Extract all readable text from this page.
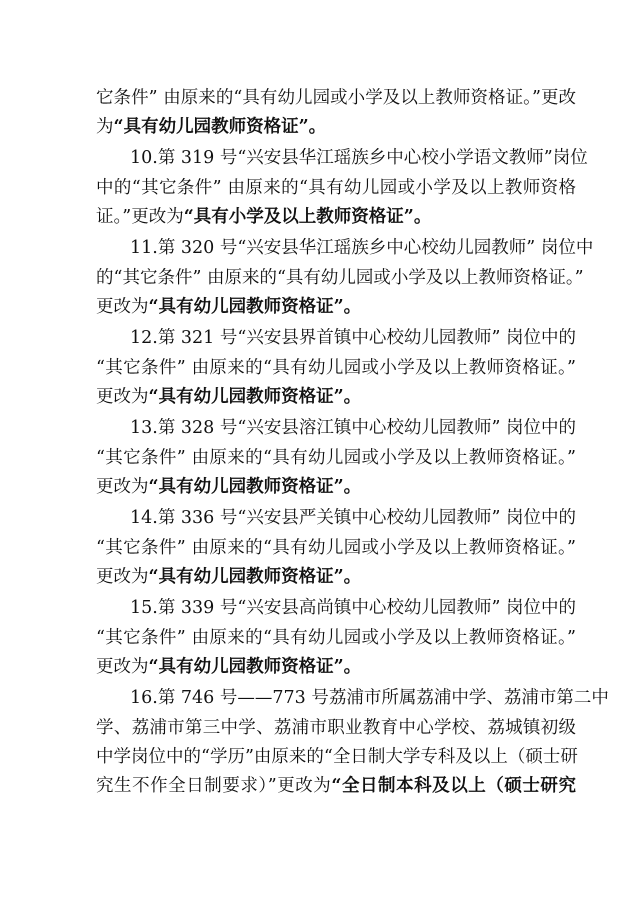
它条件” 由原来的“具有幼儿园或小学及以上教师资格证。”更改
为“具有幼儿园教师资格证”。
10.第 319 号“兴安县华江瑶族乡中心校小学语文教师”岗位
中的“其它条件” 由原来的“具有幼儿园或小学及以上教师资格
证。”更改为“具有小学及以上教师资格证”。
11.第 320 号“兴安县华江瑶族乡中心校幼儿园教师” 岗位中
的“其它条件” 由原来的“具有幼儿园或小学及以上教师资格证。”
更改为“具有幼儿园教师资格证”。
12.第 321 号“兴安县界首镇中心校幼儿园教师” 岗位中的
“其它条件” 由原来的“具有幼儿园或小学及以上教师资格证。”
更改为“具有幼儿园教师资格证”。
13.第 328 号“兴安县溶江镇中心校幼儿园教师” 岗位中的
“其它条件” 由原来的“具有幼儿园或小学及以上教师资格证。”
更改为“具有幼儿园教师资格证”。
14.第 336 号“兴安县严关镇中心校幼儿园教师” 岗位中的
“其它条件” 由原来的“具有幼儿园或小学及以上教师资格证。”
更改为“具有幼儿园教师资格证”。
15.第 339 号“兴安县高尚镇中心校幼儿园教师” 岗位中的
“其它条件” 由原来的“具有幼儿园或小学及以上教师资格证。”
更改为“具有幼儿园教师资格证”。
16.第 746 号——773 号荔浦市所属荔浦中学、荔浦市第二中
学、荔浦市第三中学、荔浦市职业教育中心学校、荔城镇初级
中学岗位中的“学历”由原来的“全日制大学专科及以上（硕士研
究生不作全日制要求）”更改为“全日制本科及以上（硕士研究
